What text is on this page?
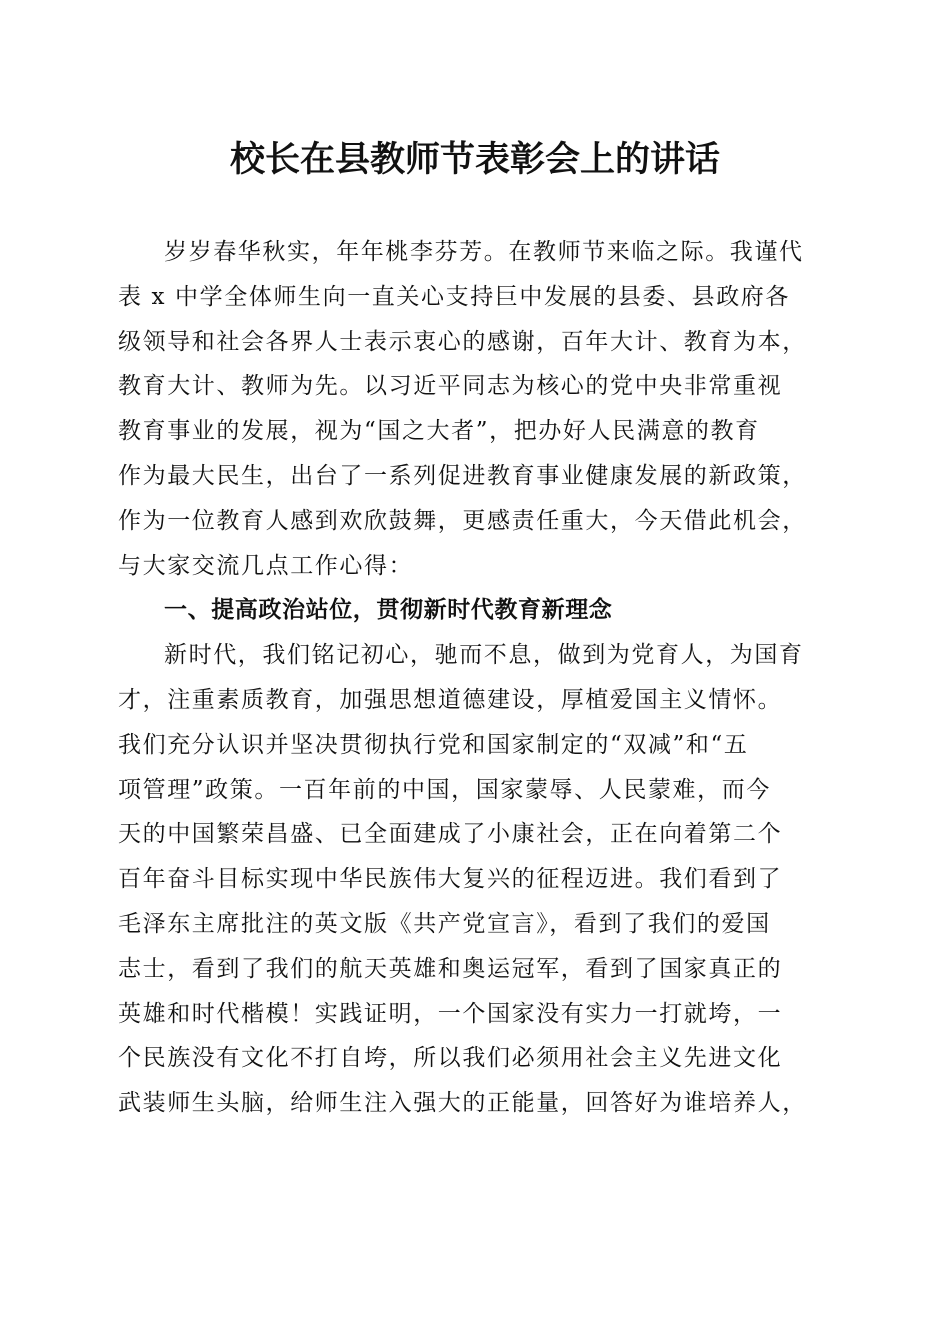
校长在县教师节表彰会上的讲话
岁岁春华秋实，年年桃李芬芳。在教师节来临之际。我谨代
表 x 中学全体师生向一直关心支持巨中发展的县委、县政府各
级领导和社会各界人士表示衷心的感谢，百年大计、教育为本，
教育大计、教师为先。以习近平同志为核心的党中央非常重视
教育事业的发展，视为“国之大者”，把办好人民满意的教育
作为最大民生，出台了一系列促进教育事业健康发展的新政策，
作为一位教育人感到欢欣鼓舞，更感责任重大，今天借此机会，
与大家交流几点工作心得：
一、提高政治站位，贯彻新时代教育新理念
新时代，我们铭记初心，驰而不息，做到为党育人，为国育
才，注重素质教育，加强思想道德建设，厚植爱国主义情怀。
我们充分认识并坚决贯彻执行党和国家制定的“双减”和“五
项管理”政策。一百年前的中国，国家蒙辱、人民蒙难，而今
天的中国繁荣昌盛、已全面建成了小康社会，正在向着第二个
百年奋斗目标实现中华民族伟大复兴的征程迈进。我们看到了
毛泽东主席批注的英文版《共产党宣言》，看到了我们的爱国
志士，看到了我们的航天英雄和奥运冠军，看到了国家真正的
英雄和时代楷模！实践证明，一个国家没有实力一打就垮，一
个民族没有文化不打自垮，所以我们必须用社会主义先进文化
武装师生头脑，给师生注入强大的正能量，回答好为谁培养人，
